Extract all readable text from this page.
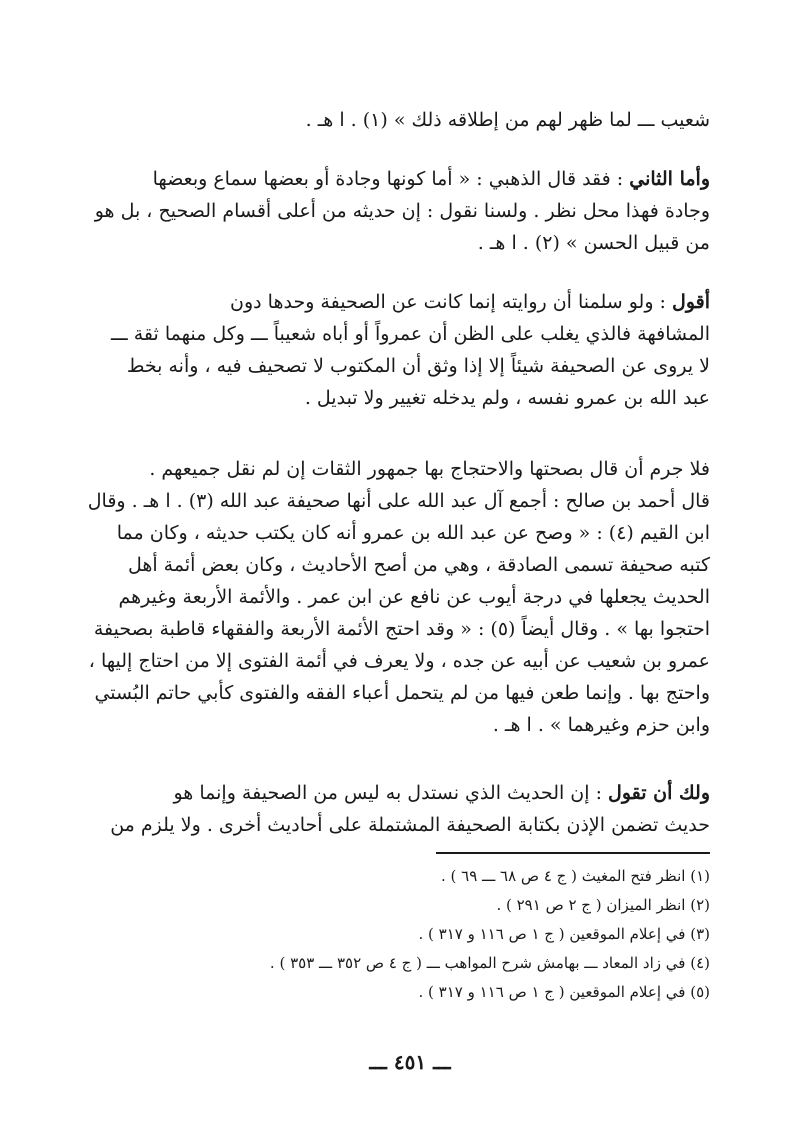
شعيب ـــ لما ظهر لهم من إطلاقه ذلك » (١) . ا هـ .
وأما الثاني : فقد قال الذهبي : « أما كونها وجادة أو بعضها سماع وبعضها
وجادة فهذا محل نظر . ولسنا نقول : إن حديثه من أعلى أقسام الصحيح ، بل هو
من قبيل الحسن » (٢) . ا هـ .
أقول : ولو سلمنا أن روايته إنما كانت عن الصحيفة وحدها دون
المشافهة فالذي يغلب على الظن أن عمرواً أو أباه شعيباً ـــ وكل منهما ثقة ـــ
لا يروى عن الصحيفة شيئاً إلا إذا وثق أن المكتوب لا تصحيف فيه ، وأنه بخط
عبد الله بن عمرو نفسه ، ولم يدخله تغيير ولا تبديل .
فلا جرم أن قال بصحتها والاحتجاج بها جمهور الثقات إن لم نقل جميعهم .
قال أحمد بن صالح : أجمع آل عبد الله على أنها صحيفة عبد الله (٣) . ا هـ . وقال
ابن القيم (٤) : « وصح عن عبد الله بن عمرو أنه كان يكتب حديثه ، وكان مما
كتبه صحيفة تسمى الصادقة ، وهي من أصح الأحاديث ، وكان بعض أئمة أهل
الحديث يجعلها في درجة أيوب عن نافع عن ابن عمر . والأئمة الأربعة وغيرهم
احتجوا بها » . وقال أيضاً (٥) : « وقد احتج الأئمة الأربعة والفقهاء قاطبة بصحيفة
عمرو بن شعيب عن أبيه عن جده ، ولا يعرف في أئمة الفتوى إلا من احتاج إليها ،
واحتج بها . وإنما طعن فيها من لم يتحمل أعباء الفقه والفتوى كأبي حاتم البُستي
وابن حزم وغيرهما » . ا هـ .
ولك أن تقول : إن الحديث الذي نستدل به ليس من الصحيفة وإنما هو
حديث تضمن الإذن بكتابة الصحيفة المشتملة على أحاديث أخرى . ولا يلزم من
(١) انظر فتح المغيث ( ج ٤ ص ٦٨ ـــ ٦٩ ) .
(٢) انظر الميزان ( ج ٢ ص ٢٩١ ) .
(٣) في إعلام الموقعين ( ج ١ ص ١١٦ و ٣١٧ ) .
(٤) في زاد المعاد ـــ بهامش شرح المواهب ـــ ( ج ٤ ص ٣٥٢ ـــ ٣٥٣ ) .
(٥) في إعلام الموقعين ( ج ١ ص ١١٦ و ٣١٧ ) .
ـــ ٤٥١ ـــ
